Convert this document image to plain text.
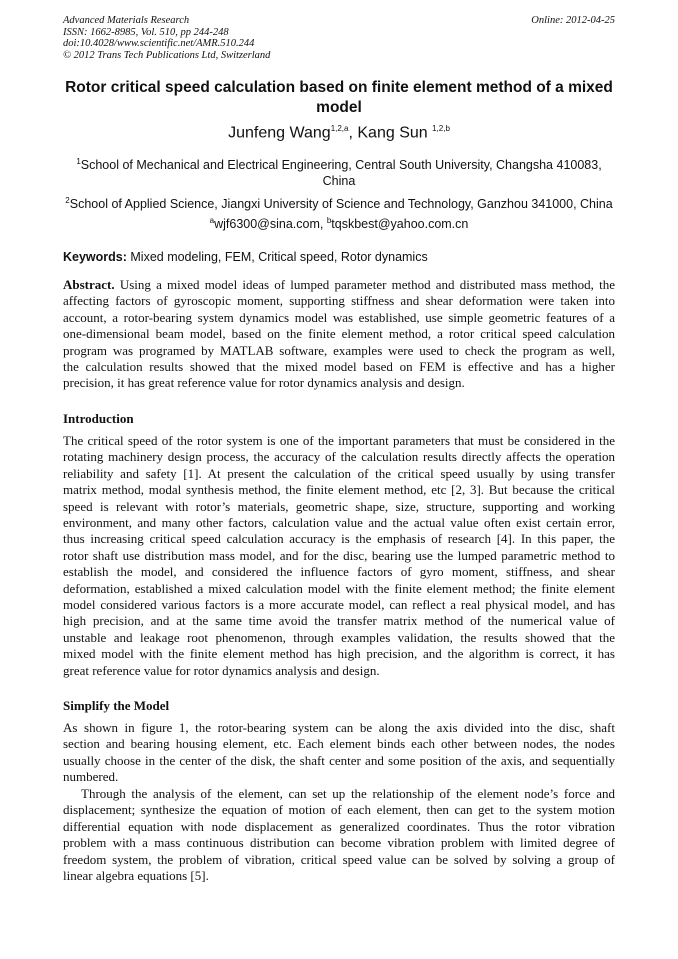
Advanced Materials Research
ISSN: 1662-8985, Vol. 510, pp 244-248
doi:10.4028/www.scientific.net/AMR.510.244
© 2012 Trans Tech Publications Ltd, Switzerland
Online: 2012-04-25
Rotor critical speed calculation based on finite element method of a mixed model
Junfeng Wang$^{1,2,a}$, Kang Sun $^{1,2,b}$
$^1$School of Mechanical and Electrical Engineering, Central South University, Changsha 410083, China
$^2$School of Applied Science, Jiangxi University of Science and Technology, Ganzhou 341000, China
$^a$wjf6300@sina.com, $^b$tqskbest@yahoo.com.cn
Keywords: Mixed modeling, FEM, Critical speed, Rotor dynamics
Abstract. Using a mixed model ideas of lumped parameter method and distributed mass method, the
affecting factors of gyroscopic moment, supporting stiffness and shear deformation were taken into
account, a rotor-bearing system dynamics model was established, use simple geometric features of a
one-dimensional beam model, based on the finite element method, a rotor critical speed calculation
program was programed by MATLAB software, examples were used to check the program as well,
the calculation results showed that the mixed model based on FEM is effective and has a higher
precision, it has great reference value for rotor dynamics analysis and design.
Introduction
The critical speed of the rotor system is one of the important parameters that must be considered in the
rotating machinery design process, the accuracy of the calculation results directly affects the operation
reliability and safety [1]. At present the calculation of the critical speed usually by using transfer
matrix method, modal synthesis method, the finite element method, etc [2, 3]. But because the critical
speed is relevant with rotor’s materials, geometric shape, size, structure, supporting and working
environment, and many other factors, calculation value and the actual value often exist certain error,
thus increasing critical speed calculation accuracy is the emphasis of research [4]. In this paper, the
rotor shaft use distribution mass model, and for the disc, bearing use the lumped parametric method to
establish the model, and considered the influence factors of gyro moment, stiffness, and shear
deformation, established a mixed calculation model with the finite element method; the finite element
model considered various factors is a more accurate model, can reflect a real physical model, and has
high precision, and at the same time avoid the transfer matrix method of the numerical value of
unstable and leakage root phenomenon, through examples validation, the results showed that the
mixed model with the finite element method has high precision, and the algorithm is correct, it has
great reference value for rotor dynamics analysis and design.
Simplify the Model
As shown in figure 1, the rotor-bearing system can be along the axis divided into the disc, shaft
section and bearing housing element, etc. Each element binds each other between nodes, the nodes
usually choose in the center of the disk, the shaft center and some position of the axis, and sequentially
numbered.
Through the analysis of the element, can set up the relationship of the element node’s force and
displacement; synthesize the equation of motion of each element, then can get to the system motion
differential equation with node displacement as generalized coordinates. Thus the rotor vibration
problem with a mass continuous distribution can become vibration problem with limited degree of
freedom system, the problem of vibration, critical speed value can be solved by solving a group of
linear algebra equations [5].
